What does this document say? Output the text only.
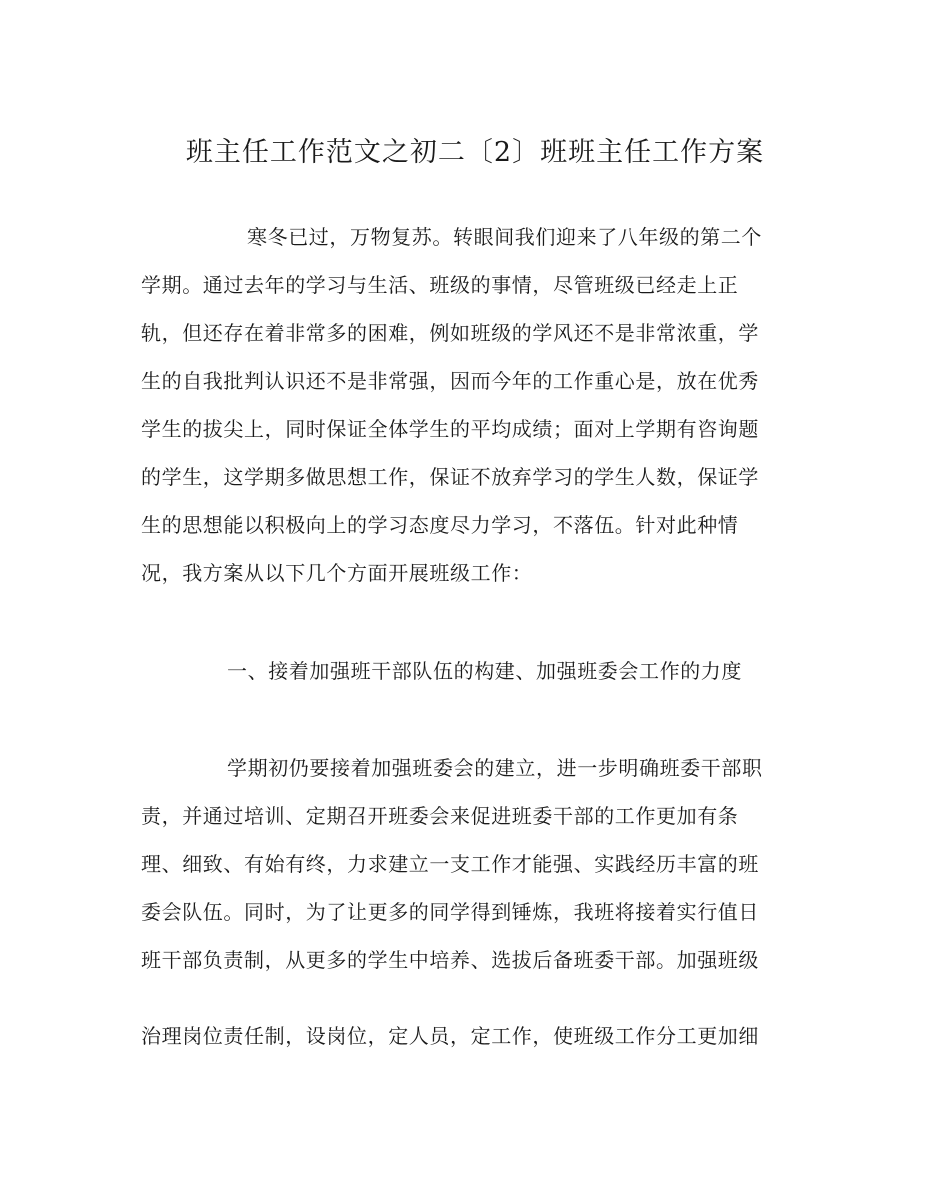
班主任工作范文之初二〔2〕班班主任工作方案

寒冬已过，万物复苏。转眼间我们迎来了八年级的第二个

学期。通过去年的学习与生活、班级的事情，尽管班级已经走上正

轨，但还存在着非常多的困难，例如班级的学风还不是非常浓重，学

生的自我批判认识还不是非常强，因而今年的工作重心是，放在优秀

学生的拔尖上，同时保证全体学生的平均成绩；面对上学期有咨询题

的学生，这学期多做思想工作，保证不放弃学习的学生人数，保证学

生的思想能以积极向上的学习态度尽力学习，不落伍。针对此种情

况，我方案从以下几个方面开展班级工作：

一、接着加强班干部队伍的构建、加强班委会工作的力度

学期初仍要接着加强班委会的建立，进一步明确班委干部职

责，并通过培训、定期召开班委会来促进班委干部的工作更加有条

理、细致、有始有终，力求建立一支工作才能强、实践经历丰富的班

委会队伍。同时，为了让更多的同学得到锤炼，我班将接着实行值日

班干部负责制，从更多的学生中培养、选拔后备班委干部。加强班级

治理岗位责任制，设岗位，定人员，定工作，使班级工作分工更加细
